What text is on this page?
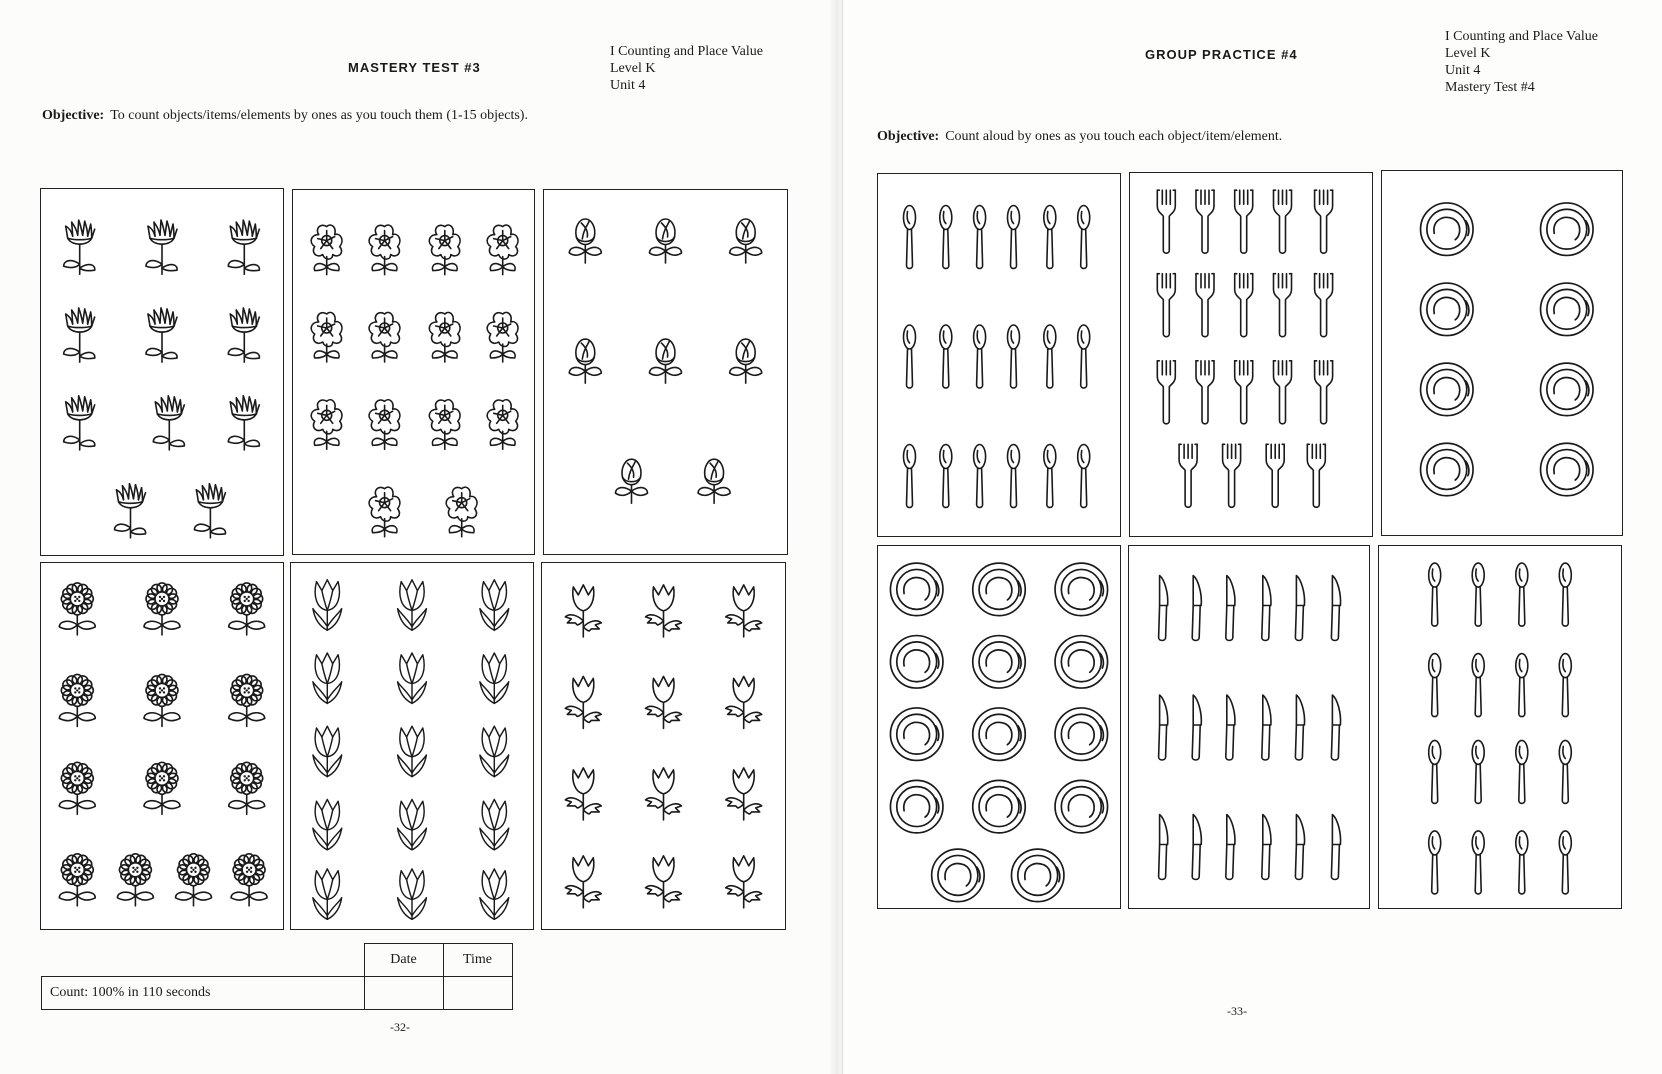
MASTERY TEST #3
I Counting and Place Value
Level K
Unit 4
Objective: To count objects/items/elements by ones as you touch them (1-15 objects).
	Date	Time
Count: 100% in 110 seconds		
-32-
GROUP PRACTICE #4
I Counting and Place Value
Level K
Unit 4
Mastery Test #4
Objective: Count aloud by ones as you touch each object/item/element.
-33-
